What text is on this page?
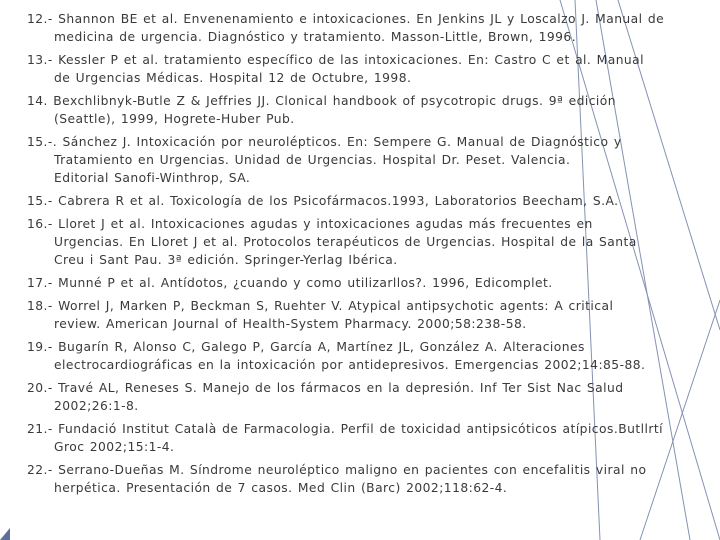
12.- Shannon BE et al. Envenenamiento e intoxicaciones. En Jenkins JL y Loscalzo J. Manual de medicina de urgencia. Diagnóstico y tratamiento. Masson-Little, Brown, 1996.
13.- Kessler P et al. tratamiento específico de las intoxicaciones. En: Castro C et al. Manual de Urgencias Médicas. Hospital 12 de Octubre, 1998.
14. Bexchlibnyk-Butle Z & Jeffries JJ. Clonical handbook of psycotropic drugs. 9ª edición (Seattle), 1999, Hogrete-Huber Pub.
15.-. Sánchez J. Intoxicación por neurolépticos. En: Sempere G. Manual de Diagnóstico y Tratamiento en Urgencias. Unidad de Urgencias. Hospital Dr. Peset. Valencia. Editorial Sanofi-Winthrop, SA.
15.- Cabrera R et al. Toxicología de los Psicofármacos.1993, Laboratorios Beecham, S.A.
16.- Lloret J et al. Intoxicaciones agudas y intoxicaciones agudas más frecuentes en Urgencias. En Lloret J et al. Protocolos terapéuticos de Urgencias. Hospital de la Santa Creu i Sant Pau. 3ª edición. Springer-Yerlag Ibérica.
17.- Munné P et al. Antídotos, ¿cuando y como utilizarllos?. 1996, Edicomplet.
18.- Worrel J, Marken P, Beckman S, Ruehter V. Atypical antipsychotic agents: A critical review. American Journal of Health-System Pharmacy. 2000;58:238-58.
19.- Bugarín R, Alonso C, Galego P, García A, Martínez JL, González A. Alteraciones electrocardiográficas en la intoxicación por antidepresivos. Emergencias 2002;14:85-88.
20.- Travé AL, Reneses S. Manejo de los fármacos en la depresión. Inf Ter Sist Nac Salud 2002;26:1-8.
21.- Fundació Institut Català de Farmacologia. Perfil de toxicidad antipsicóticos atípicos.Butllrtí Groc 2002;15:1-4.
22.- Serrano-Dueñas M. Síndrome neuroléptico maligno en pacientes con encefalitis viral no herpética. Presentación de 7 casos. Med Clin (Barc) 2002;118:62-4.
